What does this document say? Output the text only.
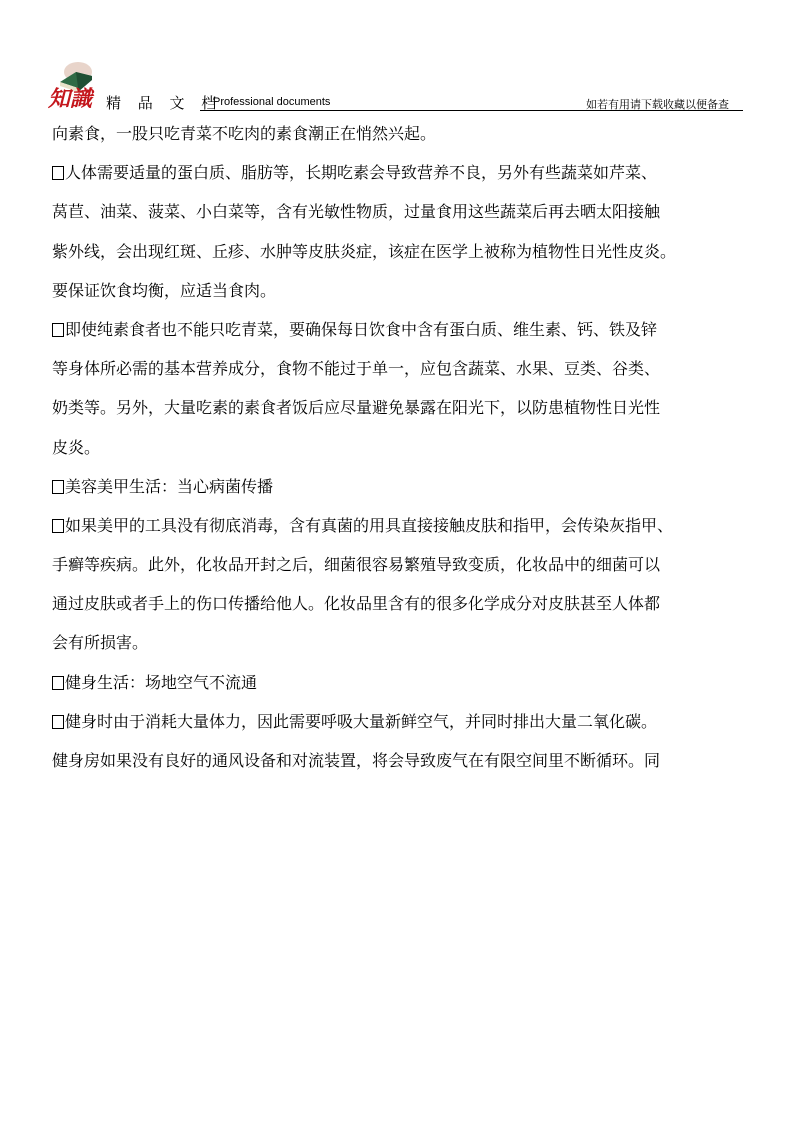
知識 精 品 文 档
Professional documents	如若有用请下载收藏以便备查
向素食，一股只吃青菜不吃肉的素食潮正在悄然兴起。
人体需要适量的蛋白质、脂肪等，长期吃素会导致营养不良，另外有些蔬菜如芹菜、
莴苣、油菜、菠菜、小白菜等，含有光敏性物质，过量食用这些蔬菜后再去晒太阳接触
紫外线，会出现红斑、丘疹、水肿等皮肤炎症，该症在医学上被称为植物性日光性皮炎。
要保证饮食均衡，应适当食肉。
即使纯素食者也不能只吃青菜，要确保每日饮食中含有蛋白质、维生素、钙、铁及锌
等身体所必需的基本营养成分，食物不能过于单一，应包含蔬菜、水果、豆类、谷类、
奶类等。另外，大量吃素的素食者饭后应尽量避免暴露在阳光下，以防患植物性日光性
皮炎。
美容美甲生活：当心病菌传播
如果美甲的工具没有彻底消毒，含有真菌的用具直接接触皮肤和指甲，会传染灰指甲、
手癣等疾病。此外，化妆品开封之后，细菌很容易繁殖导致变质，化妆品中的细菌可以
通过皮肤或者手上的伤口传播给他人。化妆品里含有的很多化学成分对皮肤甚至人体都
会有所损害。
健身生活：场地空气不流通
健身时由于消耗大量体力，因此需要呼吸大量新鲜空气，并同时排出大量二氧化碳。
健身房如果没有良好的通风设备和对流装置，将会导致废气在有限空间里不断循环。同
